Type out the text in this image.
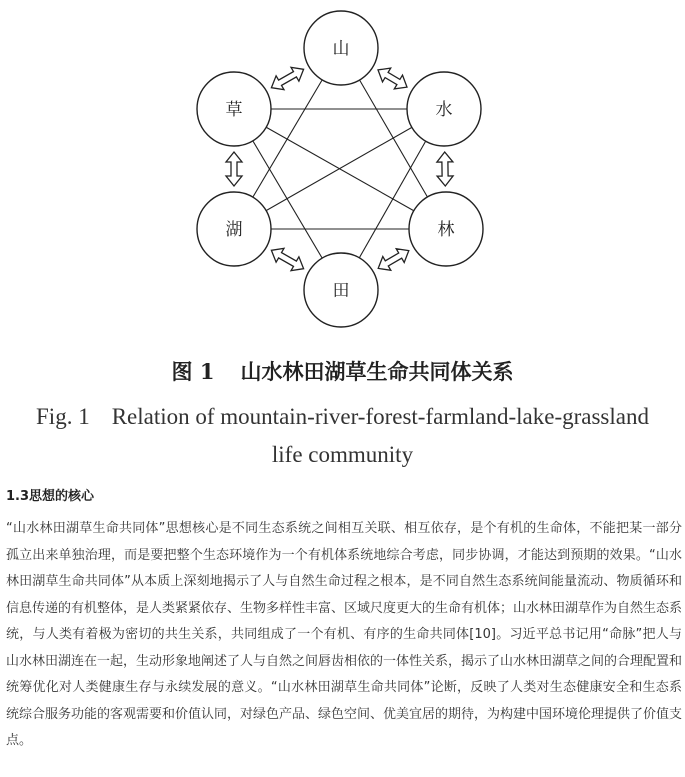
山
水
林
田
湖
草
图 1 山水林田湖草生命共同体关系
Fig. 1 Relation of mountain-river-forest-farmland-lake-grassland life community
1.3思想的核心
“山水林田湖草生命共同体”思想核心是不同生态系统之间相互关联、相互依存，是个有机的生命体，不能把某一部分孤立出来单独治理，而是要把整个生态环境作为一个有机体系统地综合考虑，同步协调，才能达到预期的效果。“山水林田湖草生命共同体”从本质上深刻地揭示了人与自然生命过程之根本，是不同自然生态系统间能量流动、物质循环和信息传递的有机整体，是人类紧紧依存、生物多样性丰富、区域尺度更大的生命有机体；山水林田湖草作为自然生态系统，与人类有着极为密切的共生关系，共同组成了一个有机、有序的生命共同体[10]。习近平总书记用“命脉”把人与山水林田湖连在一起，生动形象地阐述了人与自然之间唇齿相依的一体性关系，揭示了山水林田湖草之间的合理配置和统筹优化对人类健康生存与永续发展的意义。“山水林田湖草生命共同体”论断，反映了人类对生态健康安全和生态系统综合服务功能的客观需要和价值认同，对绿色产品、绿色空间、优美宜居的期待，为构建中国环境伦理提供了价值支点。
